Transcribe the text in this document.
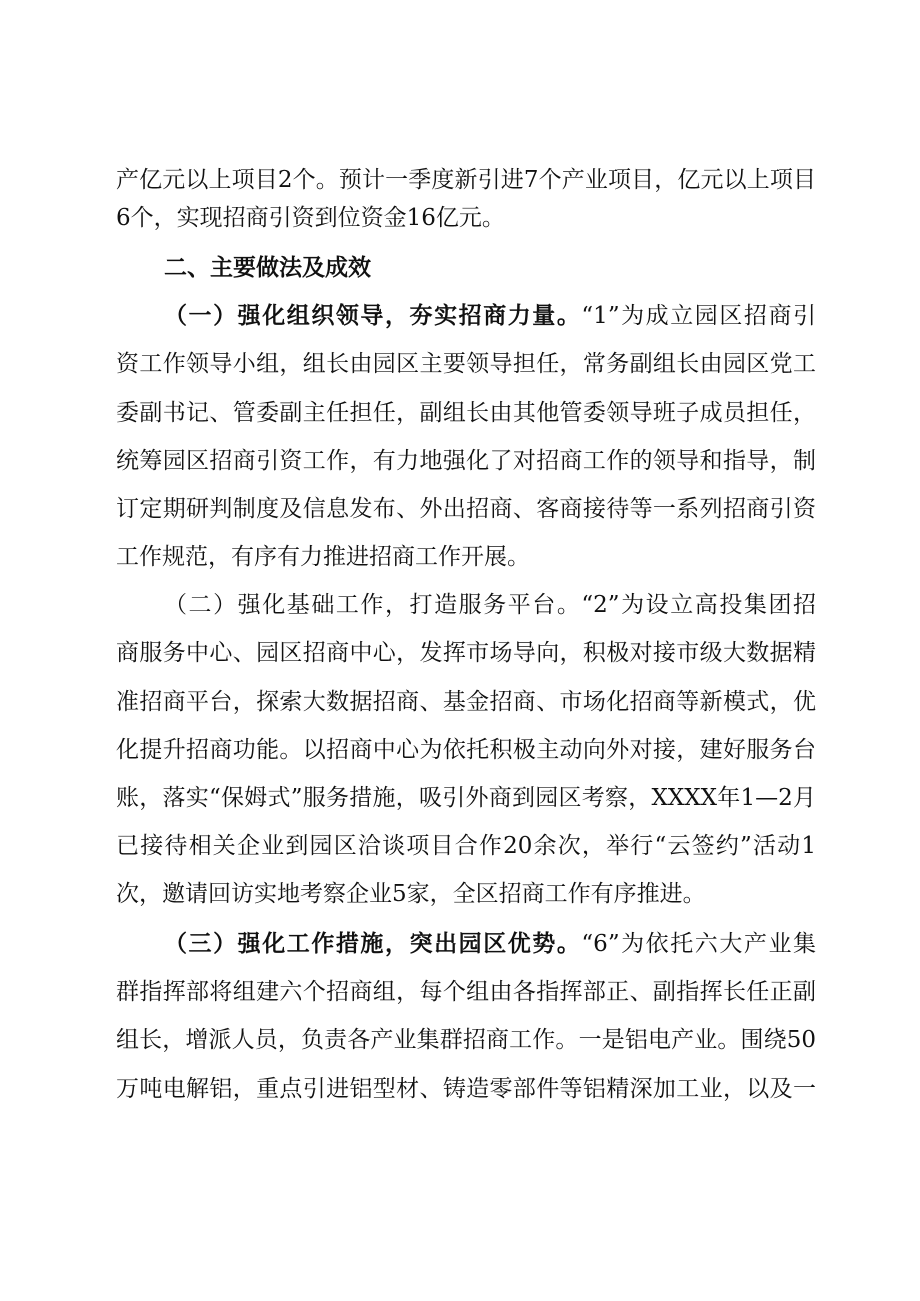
产亿元以上项目2个。预计一季度新引进7个产业项目，亿元以上项目
6个，实现招商引资到位资金16亿元。
二、主要做法及成效
（一）强化组织领导，夯实招商力量。“1”为成立园区招商引
资工作领导小组，组长由园区主要领导担任，常务副组长由园区党工
委副书记、管委副主任担任，副组长由其他管委领导班子成员担任，
统筹园区招商引资工作，有力地强化了对招商工作的领导和指导，制
订定期研判制度及信息发布、外出招商、客商接待等一系列招商引资
工作规范，有序有力推进招商工作开展。
（二）强化基础工作，打造服务平台。“2”为设立高投集团招
商服务中心、园区招商中心，发挥市场导向，积极对接市级大数据精
准招商平台，探索大数据招商、基金招商、市场化招商等新模式，优
化提升招商功能。以招商中心为依托积极主动向外对接，建好服务台
账，落实“保姆式”服务措施，吸引外商到园区考察，XXXX年1—2月
已接待相关企业到园区洽谈项目合作20余次，举行“云签约”活动1
次，邀请回访实地考察企业5家，全区招商工作有序推进。
（三）强化工作措施，突出园区优势。“6”为依托六大产业集
群指挥部将组建六个招商组，每个组由各指挥部正、副指挥长任正副
组长，增派人员，负责各产业集群招商工作。一是铝电产业。围绕50
万吨电解铝，重点引进铝型材、铸造零部件等铝精深加工业，以及一
